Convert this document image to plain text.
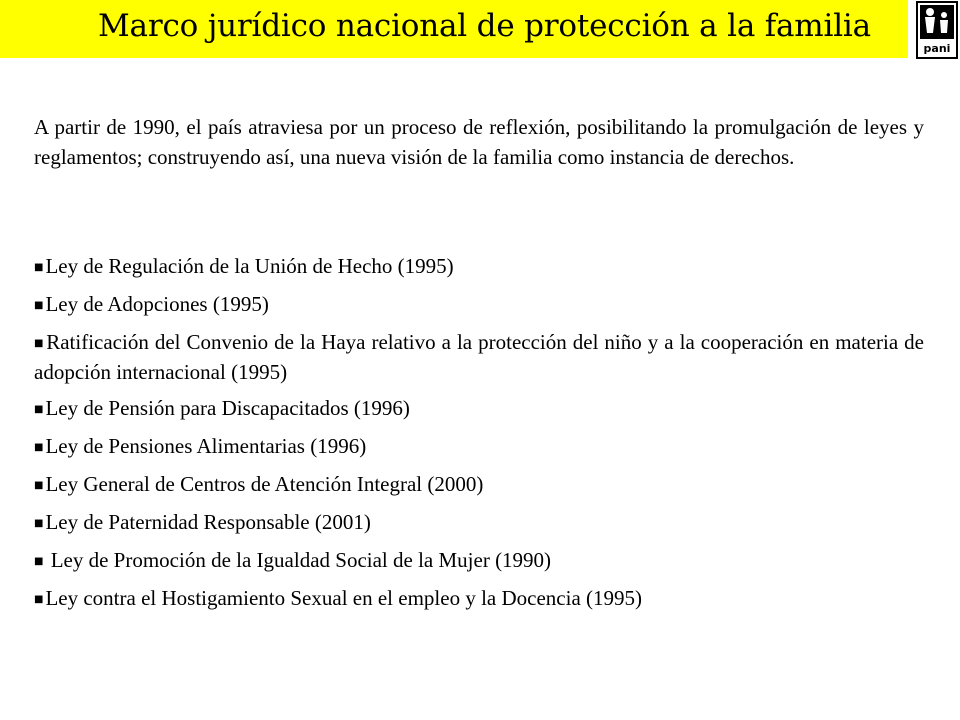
Marco jurídico nacional de protección a la familia
pani
A partir de 1990, el país atraviesa por un proceso de reflexión, posibilitando la promulgación de leyes y reglamentos; construyendo así, una nueva visión de la familia como instancia de derechos.
■Ley de Regulación de la Unión de Hecho (1995)
■Ley de Adopciones (1995)
■Ratificación del Convenio de la Haya relativo a la protección del niño y a la cooperación en materia de adopción internacional (1995)
■Ley de Pensión para Discapacitados (1996)
■Ley de Pensiones Alimentarias (1996)
■Ley General de Centros de Atención Integral (2000)
■Ley de Paternidad Responsable (2001)
■ Ley de Promoción de la Igualdad Social de la Mujer (1990)
■Ley contra el Hostigamiento Sexual en el empleo y la Docencia (1995)
